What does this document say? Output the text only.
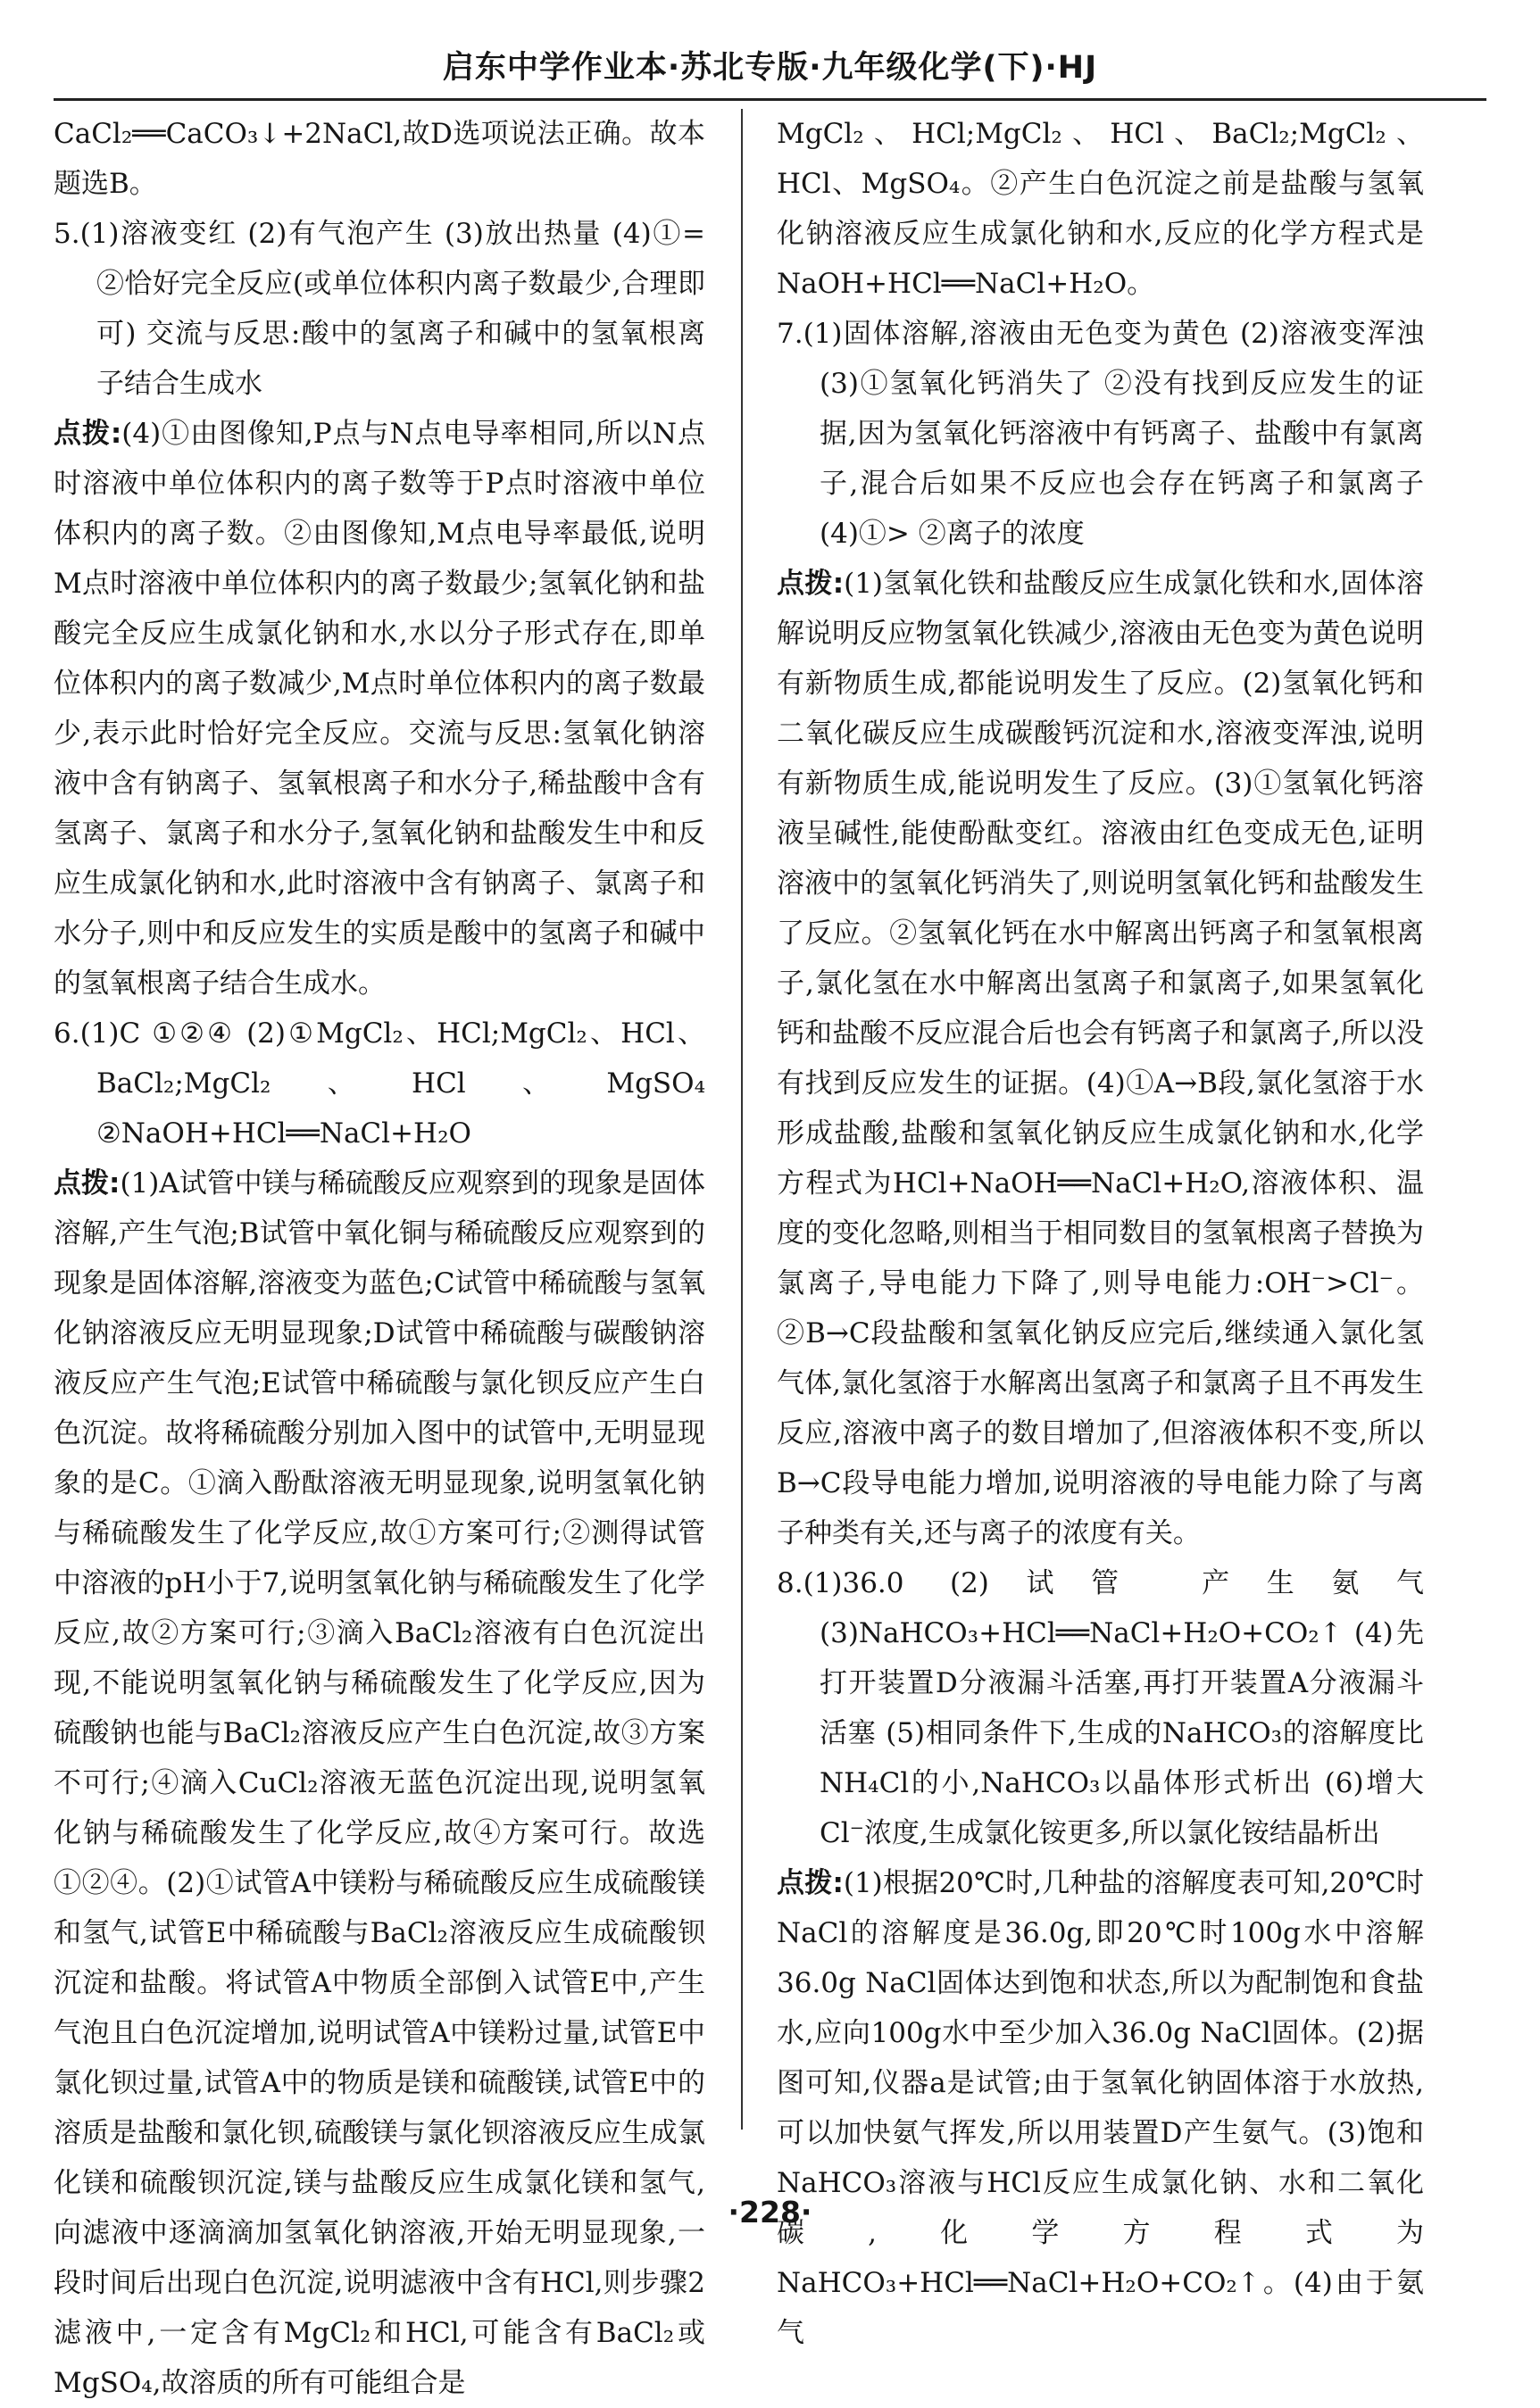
启东中学作业本·苏北专版·九年级化学(下)·HJ

CaCl₂══CaCO₃↓+2NaCl,故D选项说法正确。故本题选B。

5.(1)溶液变红 (2)有气泡产生 (3)放出热量 (4)①= ②恰好完全反应(或单位体积内离子数最少,合理即可) 交流与反思:酸中的氢离子和碱中的氢氧根离子结合生成水

点拨:(4)①由图像知,P点与N点电导率相同,所以N点时溶液中单位体积内的离子数等于P点时溶液中单位体积内的离子数。②由图像知,M点电导率最低,说明M点时溶液中单位体积内的离子数最少;氢氧化钠和盐酸完全反应生成氯化钠和水,水以分子形式存在,即单位体积内的离子数减少,M点时单位体积内的离子数最少,表示此时恰好完全反应。交流与反思:氢氧化钠溶液中含有钠离子、氢氧根离子和水分子,稀盐酸中含有氢离子、氯离子和水分子,氢氧化钠和盐酸发生中和反应生成氯化钠和水,此时溶液中含有钠离子、氯离子和水分子,则中和反应发生的实质是酸中的氢离子和碱中的氢氧根离子结合生成水。

6.(1)C ①②④ (2)①MgCl₂、HCl;MgCl₂、HCl、BaCl₂;MgCl₂、HCl、MgSO₄ ②NaOH+HCl══NaCl+H₂O

点拨:(1)A试管中镁与稀硫酸反应观察到的现象是固体溶解,产生气泡;B试管中氧化铜与稀硫酸反应观察到的现象是固体溶解,溶液变为蓝色;C试管中稀硫酸与氢氧化钠溶液反应无明显现象;D试管中稀硫酸与碳酸钠溶液反应产生气泡;E试管中稀硫酸与氯化钡反应产生白色沉淀。故将稀硫酸分别加入图中的试管中,无明显现象的是C。①滴入酚酞溶液无明显现象,说明氢氧化钠与稀硫酸发生了化学反应,故①方案可行;②测得试管中溶液的pH小于7,说明氢氧化钠与稀硫酸发生了化学反应,故②方案可行;③滴入BaCl₂溶液有白色沉淀出现,不能说明氢氧化钠与稀硫酸发生了化学反应,因为硫酸钠也能与BaCl₂溶液反应产生白色沉淀,故③方案不可行;④滴入CuCl₂溶液无蓝色沉淀出现,说明氢氧化钠与稀硫酸发生了化学反应,故④方案可行。故选①②④。(2)①试管A中镁粉与稀硫酸反应生成硫酸镁和氢气,试管E中稀硫酸与BaCl₂溶液反应生成硫酸钡沉淀和盐酸。将试管A中物质全部倒入试管E中,产生气泡且白色沉淀增加,说明试管A中镁粉过量,试管E中氯化钡过量,试管A中的物质是镁和硫酸镁,试管E中的溶质是盐酸和氯化钡,硫酸镁与氯化钡溶液反应生成氯化镁和硫酸钡沉淀,镁与盐酸反应生成氯化镁和氢气,向滤液中逐滴滴加氢氧化钠溶液,开始无明显现象,一段时间后出现白色沉淀,说明滤液中含有HCl,则步骤2滤液中,一定含有MgCl₂和HCl,可能含有BaCl₂或MgSO₄,故溶质的所有可能组合是

MgCl₂、HCl;MgCl₂、HCl、BaCl₂;MgCl₂、HCl、MgSO₄。②产生白色沉淀之前是盐酸与氢氧化钠溶液反应生成氯化钠和水,反应的化学方程式是NaOH+HCl══NaCl+H₂O。

7.(1)固体溶解,溶液由无色变为黄色 (2)溶液变浑浊 (3)①氢氧化钙消失了 ②没有找到反应发生的证据,因为氢氧化钙溶液中有钙离子、盐酸中有氯离子,混合后如果不反应也会存在钙离子和氯离子 (4)①> ②离子的浓度

点拨:(1)氢氧化铁和盐酸反应生成氯化铁和水,固体溶解说明反应物氢氧化铁减少,溶液由无色变为黄色说明有新物质生成,都能说明发生了反应。(2)氢氧化钙和二氧化碳反应生成碳酸钙沉淀和水,溶液变浑浊,说明有新物质生成,能说明发生了反应。(3)①氢氧化钙溶液呈碱性,能使酚酞变红。溶液由红色变成无色,证明溶液中的氢氧化钙消失了,则说明氢氧化钙和盐酸发生了反应。②氢氧化钙在水中解离出钙离子和氢氧根离子,氯化氢在水中解离出氢离子和氯离子,如果氢氧化钙和盐酸不反应混合后也会有钙离子和氯离子,所以没有找到反应发生的证据。(4)①A→B段,氯化氢溶于水形成盐酸,盐酸和氢氧化钠反应生成氯化钠和水,化学方程式为HCl+NaOH══NaCl+H₂O,溶液体积、温度的变化忽略,则相当于相同数目的氢氧根离子替换为氯离子,导电能力下降了,则导电能力:OH⁻>Cl⁻。②B→C段盐酸和氢氧化钠反应完后,继续通入氯化氢气体,氯化氢溶于水解离出氢离子和氯离子且不再发生反应,溶液中离子的数目增加了,但溶液体积不变,所以B→C段导电能力增加,说明溶液的导电能力除了与离子种类有关,还与离子的浓度有关。

8.(1)36.0 (2)试管 产生氨气 (3)NaHCO₃+HCl══NaCl+H₂O+CO₂↑ (4)先打开装置D分液漏斗活塞,再打开装置A分液漏斗活塞 (5)相同条件下,生成的NaHCO₃的溶解度比NH₄Cl的小,NaHCO₃以晶体形式析出 (6)增大Cl⁻浓度,生成氯化铵更多,所以氯化铵结晶析出

点拨:(1)根据20℃时,几种盐的溶解度表可知,20℃时NaCl的溶解度是36.0g,即20℃时100g水中溶解36.0g NaCl固体达到饱和状态,所以为配制饱和食盐水,应向100g水中至少加入36.0g NaCl固体。(2)据图可知,仪器a是试管;由于氢氧化钠固体溶于水放热,可以加快氨气挥发,所以用装置D产生氨气。(3)饱和NaHCO₃溶液与HCl反应生成氯化钠、水和二氧化碳,化学方程式为NaHCO₃+HCl══NaCl+H₂O+CO₂↑。(4)由于氨气

·228·
